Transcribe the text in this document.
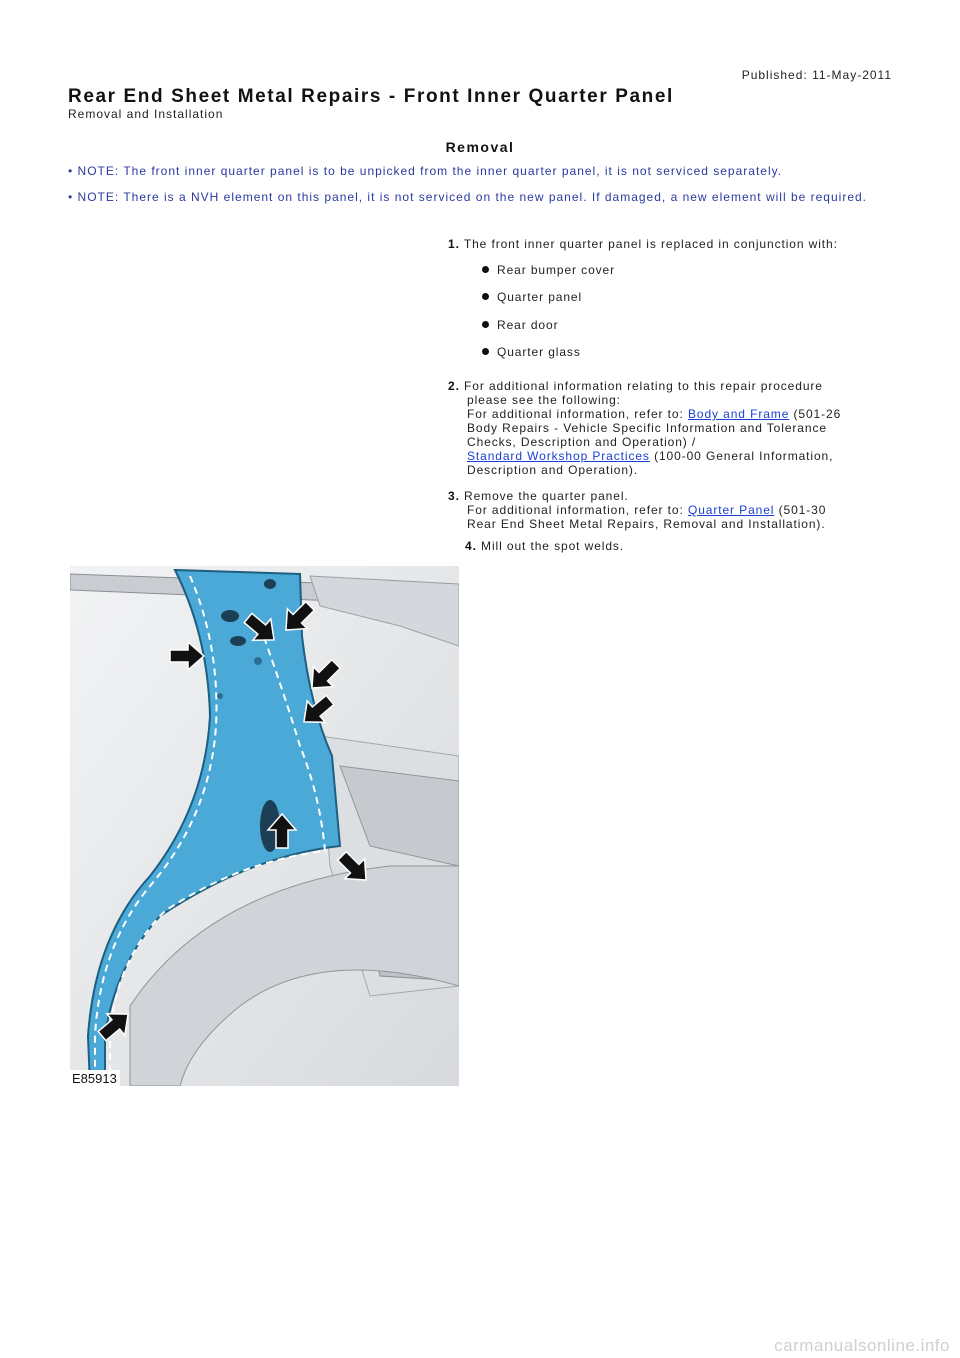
Published: 11-May-2011
Rear End Sheet Metal Repairs - Front Inner Quarter Panel
Removal and Installation
Removal
• NOTE: The front inner quarter panel is to be unpicked from the inner quarter panel, it is not serviced separately.
• NOTE: There is a NVH element on this panel, it is not serviced on the new panel. If damaged, a new element will be required.
1. The front inner quarter panel is replaced in conjunction with:
Rear bumper cover
Quarter panel
Rear door
Quarter glass
2. For additional information relating to this repair procedure
please see the following:
For additional information, refer to: Body and Frame (501-26
Body Repairs - Vehicle Specific Information and Tolerance
Checks, Description and Operation) /
Standard Workshop Practices (100-00 General Information,
Description and Operation).
3. Remove the quarter panel.
For additional information, refer to: Quarter Panel (501-30
Rear End Sheet Metal Repairs, Removal and Installation).
4. Mill out the spot welds.
E85913
carmanualsonline.info
